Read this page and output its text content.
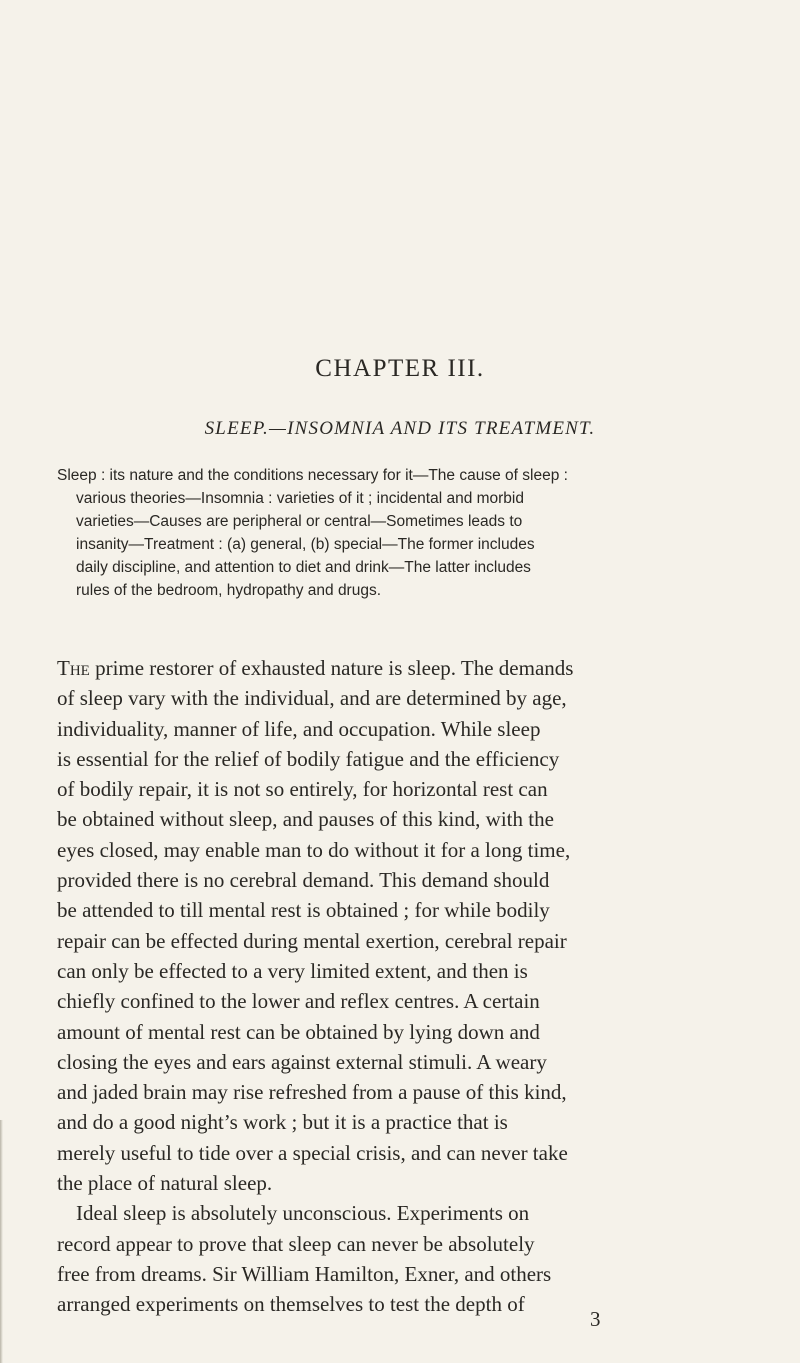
CHAPTER III.
SLEEP.—INSOMNIA AND ITS TREATMENT.
Sleep : its nature and the conditions necessary for it—The cause of sleep :
various theories—Insomnia : varieties of it ; incidental and morbid
varieties—Causes are peripheral or central—Sometimes leads to
insanity—Treatment : (a) general, (b) special—The former includes
daily discipline, and attention to diet and drink—The latter includes
rules of the bedroom, hydropathy and drugs.
The prime restorer of exhausted nature is sleep. The demands
of sleep vary with the individual, and are determined by age,
individuality, manner of life, and occupation. While sleep
is essential for the relief of bodily fatigue and the efficiency
of bodily repair, it is not so entirely, for horizontal rest can
be obtained without sleep, and pauses of this kind, with the
eyes closed, may enable man to do without it for a long time,
provided there is no cerebral demand. This demand should
be attended to till mental rest is obtained ; for while bodily
repair can be effected during mental exertion, cerebral repair
can only be effected to a very limited extent, and then is
chiefly confined to the lower and reflex centres. A certain
amount of mental rest can be obtained by lying down and
closing the eyes and ears against external stimuli. A weary
and jaded brain may rise refreshed from a pause of this kind,
and do a good night’s work ; but it is a practice that is
merely useful to tide over a special crisis, and can never take
the place of natural sleep.
Ideal sleep is absolutely unconscious. Experiments on
record appear to prove that sleep can never be absolutely
free from dreams. Sir William Hamilton, Exner, and others
arranged experiments on themselves to test the depth of
3
